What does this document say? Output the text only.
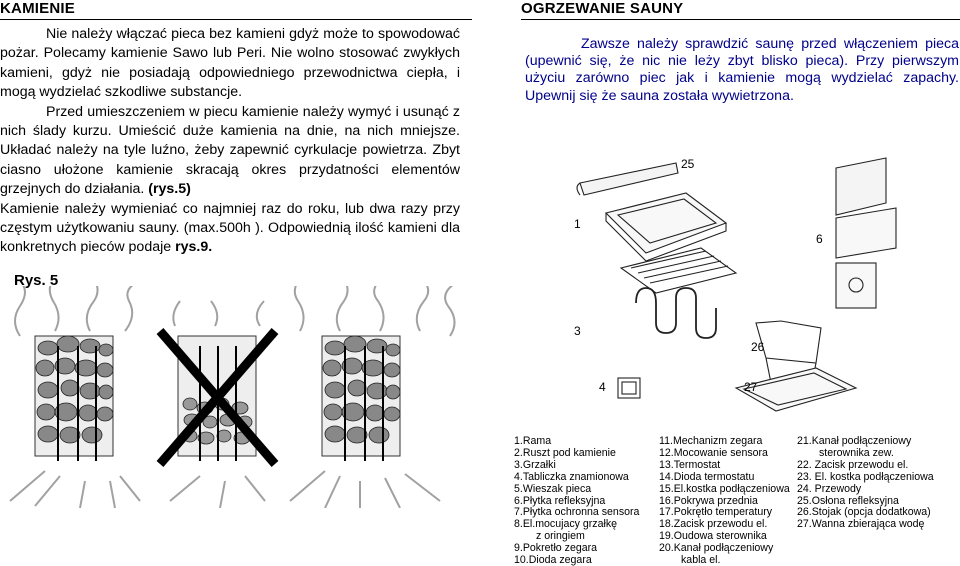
KAMIENIE	OGRZEWANIE SAUNY

Nie należy włączać pieca bez kamieni gdyż może to spowodować pożar. Polecamy kamienie Sawo lub Peri. Nie wolno stosować zwykłych kamieni, gdyż nie posiadają odpowiedniego przewodnictwa ciepła, i mogą wydzielać szkodliwe substancje.

Przed umieszczeniem w piecu kamienie należy wymyć i usunąć z nich ślady kurzu. Umieścić duże kamienia na dnie, na nich mniejsze. Układać należy na tyle luźno, żeby zapewnić cyrkulacje powietrza. Zbyt ciasno ułożone kamienie skracają okres przydatności elementów grzejnych do działania. (rys.5)

Kamienie należy wymieniać co najmniej raz do roku, lub dwa razy przy częstym użytkowaniu sauny. (max.500h ). Odpowiednią ilość kamieni dla konkretnych pieców podaje rys.9.

Zawsze należy sprawdzić saunę przed włączeniem pieca (upewnić się, że nic nie leży zbyt blisko pieca). Przy pierwszym użyciu zarówno piec jak i kamienie mogą wydzielać zapachy. Upewnij się że sauna została wywietrzona.

Rys. 5
25
1
6
3
26
4	27
1.Rama
2.Ruszt pod kamienie
3.Grzałki
4.Tabliczka znamionowa
5.Wieszak pieca
6.Płytka refleksyjna
7.Płytka ochronna sensora
8.El.mocujacy grzałkę
z oringiem
9.Pokretło zegara
10.Dioda zegara
11.Mechanizm zegara
12.Mocowanie sensora
13.Termostat
14.Dioda termostatu
15.El.kostka podłączeniowa
16.Pokrywa przednia
17.Pokrętło temperatury
18.Zacisk przewodu el.
19.Oudowa sterownika
20.Kanał podłączeniowy
kabla el.
21.Kanał podłączeniowy
sterownika zew.
22. Zacisk przewodu el.
23. El. kostka podłączeniowa
24. Przewody
25.Osłona refleksyjna
26.Stojak (opcja dodatkowa)
27.Wanna zbierająca wodę
